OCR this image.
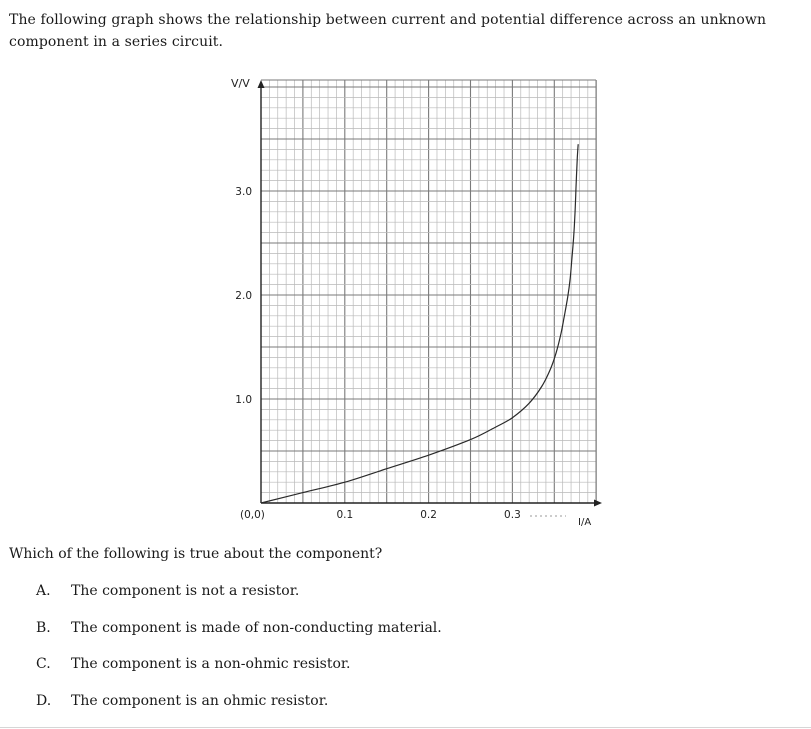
The following graph shows the relationship between current and potential difference across an unknown component in a series circuit.
0.1	0.2	0.3
1.0
2.0
3.0
V/V
I/A
(0,0)
Which of the following is true about the component?
A.	The component is not a resistor.
B.	The component is made of non-conducting material.
C.	The component is a non-ohmic resistor.
D.	The component is an ohmic resistor.
